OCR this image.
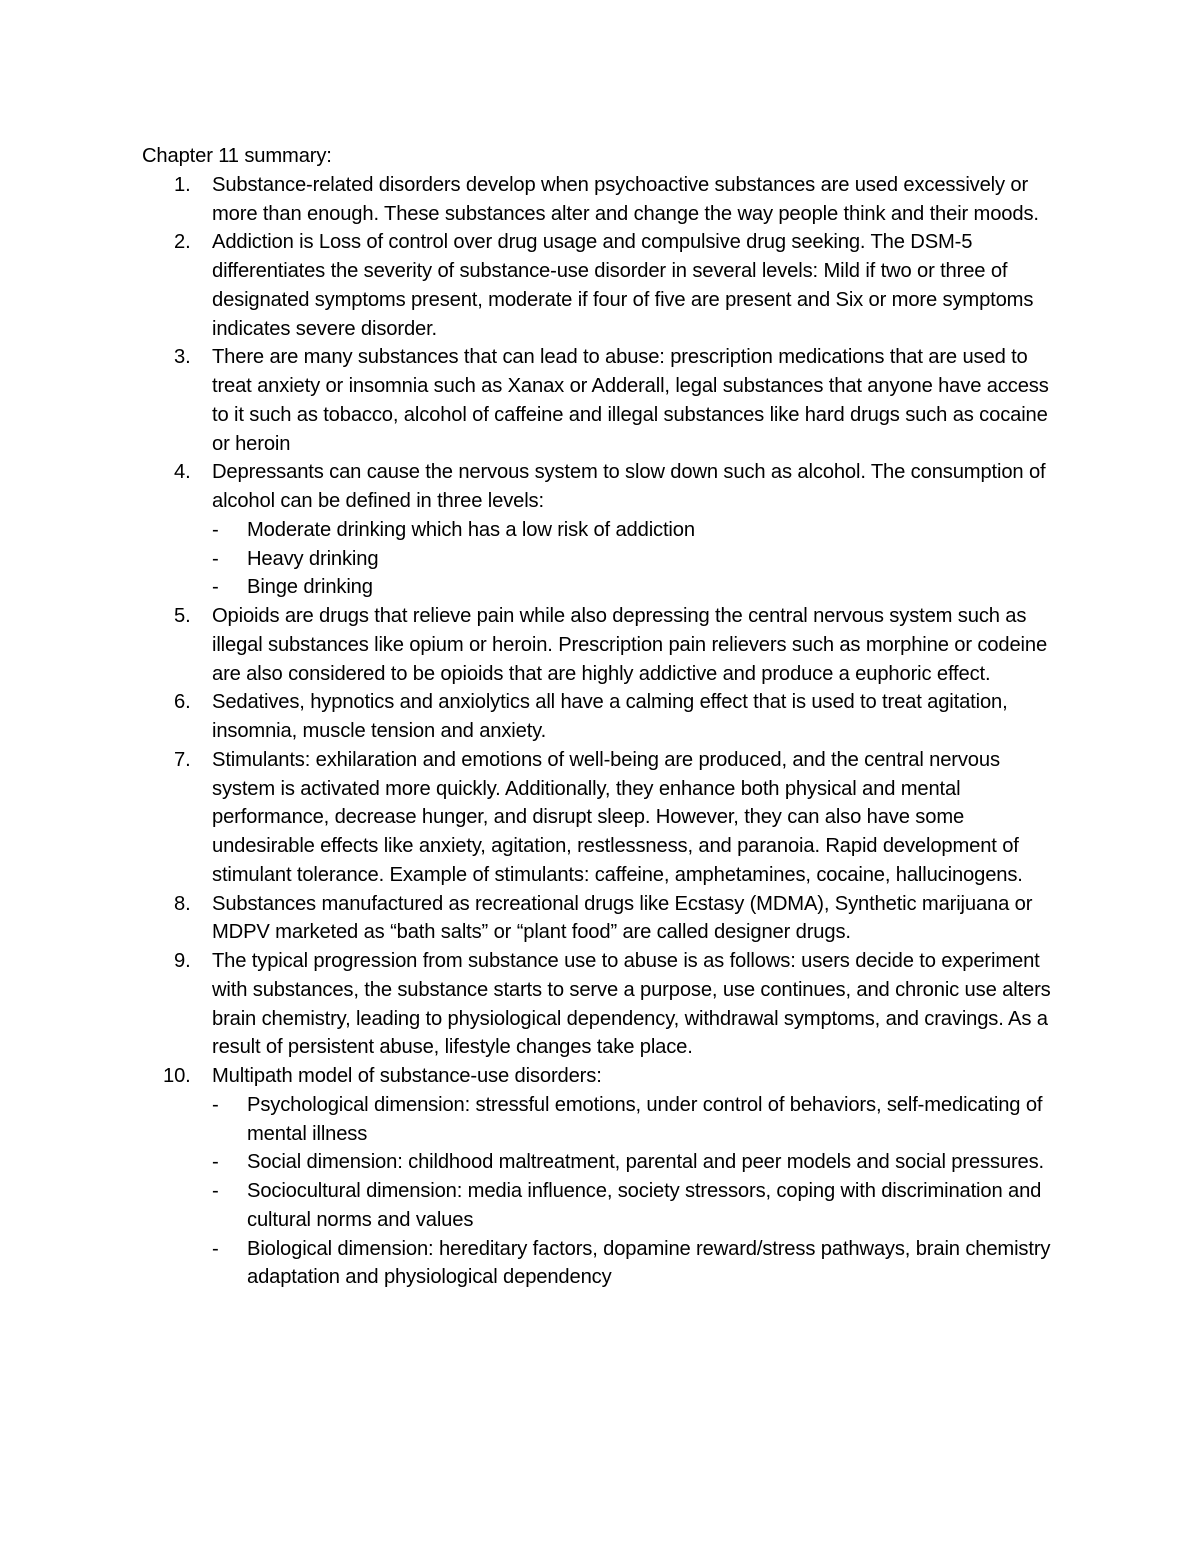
Chapter 11 summary:
1. Substance-related disorders develop when psychoactive substances are used excessively or more than enough. These substances alter and change the way people think and their moods.
2. Addiction is Loss of control over drug usage and compulsive drug seeking. The DSM-5 differentiates the severity of substance-use disorder in several levels: Mild if two or three of designated symptoms present, moderate if four of five are present and Six or more symptoms indicates severe disorder.
3. There are many substances that can lead to abuse: prescription medications that are used to treat anxiety or insomnia such as Xanax or Adderall, legal substances that anyone have access to it such as tobacco, alcohol of caffeine and illegal substances like hard drugs such as cocaine or heroin
4. Depressants can cause the nervous system to slow down such as alcohol. The consumption of alcohol can be defined in three levels:
- Moderate drinking which has a low risk of addiction
- Heavy drinking
- Binge drinking
5. Opioids are drugs that relieve pain while also depressing the central nervous system such as illegal substances like opium or heroin. Prescription pain relievers such as morphine or codeine are also considered to be opioids that are highly addictive and produce a euphoric effect.
6. Sedatives, hypnotics and anxiolytics all have a calming effect that is used to treat agitation, insomnia, muscle tension and anxiety.
7. Stimulants: exhilaration and emotions of well-being are produced, and the central nervous system is activated more quickly. Additionally, they enhance both physical and mental performance, decrease hunger, and disrupt sleep. However, they can also have some undesirable effects like anxiety, agitation, restlessness, and paranoia. Rapid development of stimulant tolerance. Example of stimulants: caffeine, amphetamines, cocaine, hallucinogens.
8. Substances manufactured as recreational drugs like Ecstasy (MDMA), Synthetic marijuana or MDPV marketed as “bath salts” or “plant food” are called designer drugs.
9. The typical progression from substance use to abuse is as follows: users decide to experiment with substances, the substance starts to serve a purpose, use continues, and chronic use alters brain chemistry, leading to physiological dependency, withdrawal symptoms, and cravings. As a result of persistent abuse, lifestyle changes take place.
10. Multipath model of substance-use disorders:
- Psychological dimension: stressful emotions, under control of behaviors, self-medicating of mental illness
- Social dimension: childhood maltreatment, parental and peer models and social pressures.
- Sociocultural dimension: media influence, society stressors, coping with discrimination and cultural norms and values
- Biological dimension: hereditary factors, dopamine reward/stress pathways, brain chemistry adaptation and physiological dependency
